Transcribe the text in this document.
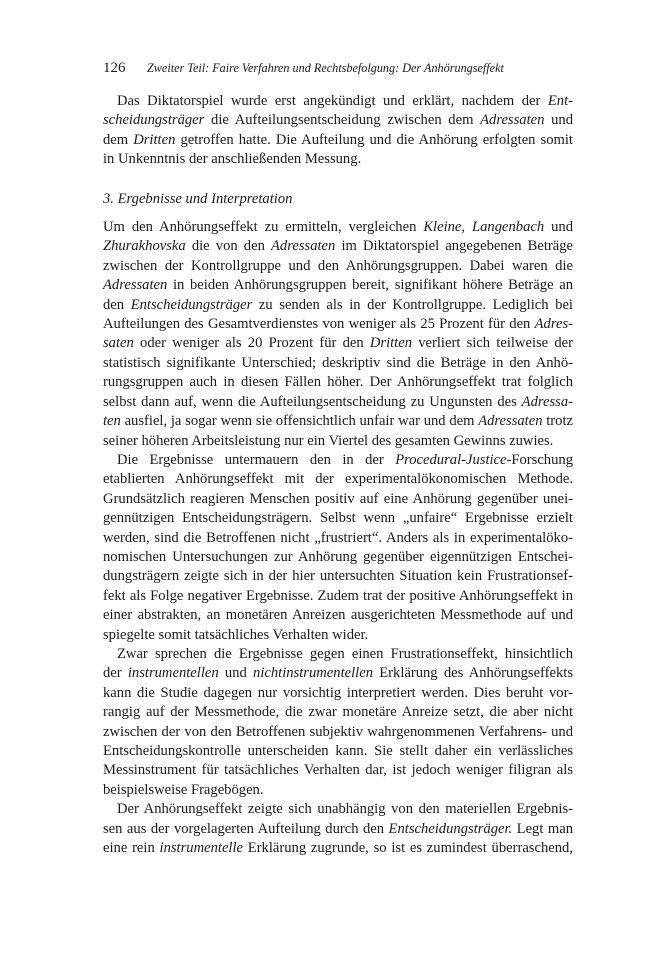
126	Zweiter Teil: Faire Verfahren und Rechtsbefolgung: Der Anhörungseffekt

Das Diktatorspiel wurde erst angekündigt und erklärt, nachdem der Ent-
scheidungsträger die Aufteilungsentscheidung zwischen dem Adressaten und
dem Dritten getroffen hatte. Die Aufteilung und die Anhörung erfolgten somit
in Unkenntnis der anschließenden Messung.

3. Ergebnisse und Interpretation

Um den Anhörungseffekt zu ermitteln, vergleichen Kleine, Langenbach und
Zhurakhovska die von den Adressaten im Diktatorspiel angegebenen Beträge
zwischen der Kontrollgruppe und den Anhörungsgruppen. Dabei waren die
Adressaten in beiden Anhörungsgruppen bereit, signifikant höhere Beträge an
den Entscheidungsträger zu senden als in der Kontrollgruppe. Lediglich bei
Aufteilungen des Gesamtverdienstes von weniger als 25 Prozent für den Adres-
saten oder weniger als 20 Prozent für den Dritten verliert sich teilweise der
statistisch signifikante Unterschied; deskriptiv sind die Beträge in den Anhö-
rungsgruppen auch in diesen Fällen höher. Der Anhörungseffekt trat folglich
selbst dann auf, wenn die Aufteilungsentscheidung zu Ungunsten des Adressa-
ten ausfiel, ja sogar wenn sie offensichtlich unfair war und dem Adressaten trotz
seiner höheren Arbeitsleistung nur ein Viertel des gesamten Gewinns zuwies.

Die Ergebnisse untermauern den in der Procedural-Justice-Forschung
etablierten Anhörungseffekt mit der experimentalökonomischen Methode.
Grundsätzlich reagieren Menschen positiv auf eine Anhörung gegenüber unei-
gennützigen Entscheidungsträgern. Selbst wenn „unfaire“ Ergebnisse erzielt
werden, sind die Betroffenen nicht „frustriert“. Anders als in experimentalöko-
nomischen Untersuchungen zur Anhörung gegenüber eigennützigen Entschei-
dungsträgern zeigte sich in der hier untersuchten Situation kein Frustrationsef-
fekt als Folge negativer Ergebnisse. Zudem trat der positive Anhörungseffekt in
einer abstrakten, an monetären Anreizen ausgerichteten Messmethode auf und
spiegelte somit tatsächliches Verhalten wider.

Zwar sprechen die Ergebnisse gegen einen Frustrationseffekt, hinsichtlich
der instrumentellen und nichtinstrumentellen Erklärung des Anhörungseffekts
kann die Studie dagegen nur vorsichtig interpretiert werden. Dies beruht vor-
rangig auf der Messmethode, die zwar monetäre Anreize setzt, die aber nicht
zwischen der von den Betroffenen subjektiv wahrgenommenen Verfahrens- und
Entscheidungskontrolle unterscheiden kann. Sie stellt daher ein verlässliches
Messinstrument für tatsächliches Verhalten dar, ist jedoch weniger filigran als
beispielsweise Fragebögen.

Der Anhörungseffekt zeigte sich unabhängig von den materiellen Ergebnis-
sen aus der vorgelagerten Aufteilung durch den Entscheidungsträger. Legt man
eine rein instrumentelle Erklärung zugrunde, so ist es zumindest überraschend,
